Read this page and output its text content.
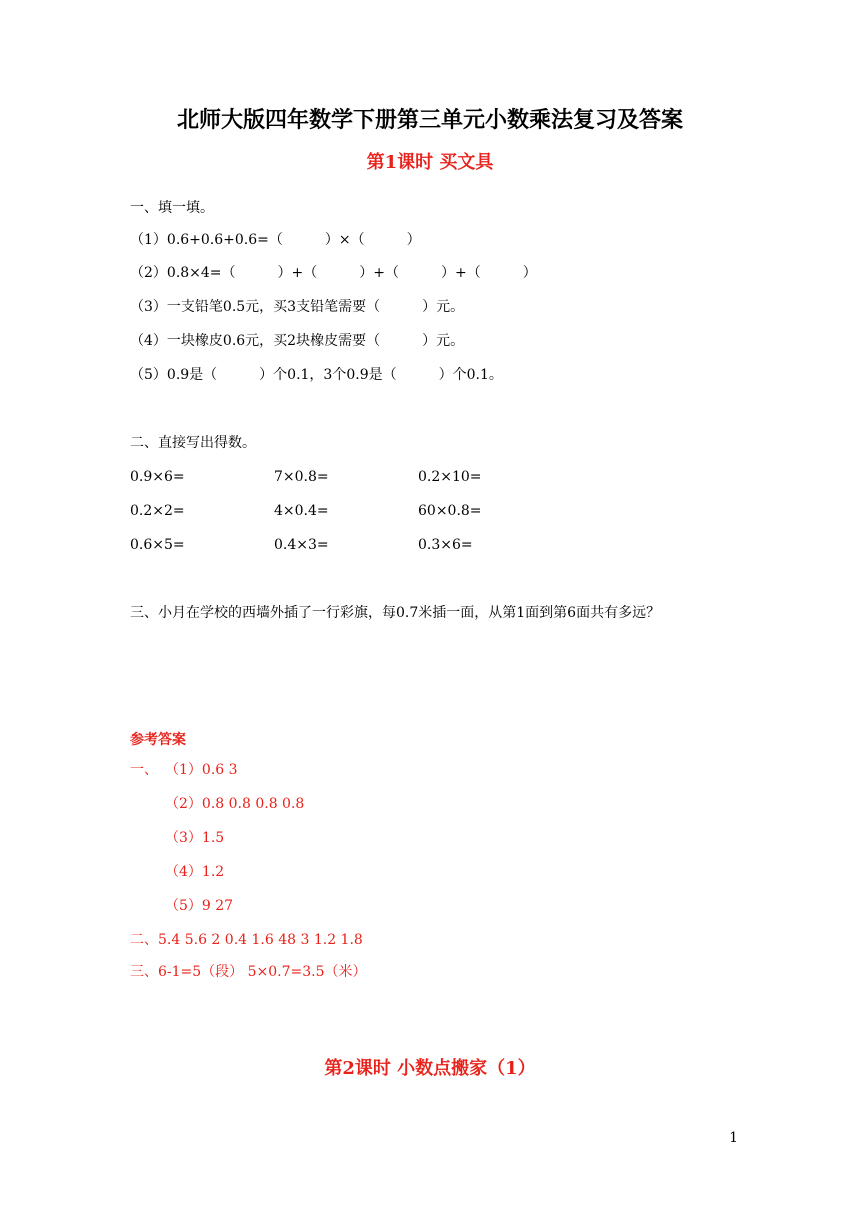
北师大版四年数学下册第三单元小数乘法复习及答案
第1课时 买文具
一、填一填。
（1）0.6+0.6+0.6=（　　　）×（　　　）
（2）0.8×4=（　　　）+（　　　）+（　　　）+（　　　）
（3）一支铅笔0.5元，买3支铅笔需要（　　　）元。
（4）一块橡皮0.6元，买2块橡皮需要（　　　）元。
（5）0.9是（　　　）个0.1，3个0.9是（　　　）个0.1。
二、直接写出得数。
0.9×6=	7×0.8=	0.2×10=
0.2×2=	4×0.4=	60×0.8=
0.6×5=	0.4×3=	0.3×6=
三、小月在学校的西墙外插了一行彩旗，每0.7米插一面，从第1面到第6面共有多远？
参考答案
一、 （1）0.6 3
（2）0.8 0.8 0.8 0.8
（3）1.5
（4）1.2
（5）9 27
二、5.4 5.6 2 0.4 1.6 48 3 1.2 1.8
三、6-1=5（段） 5×0.7=3.5（米）
第2课时 小数点搬家（1）
1
